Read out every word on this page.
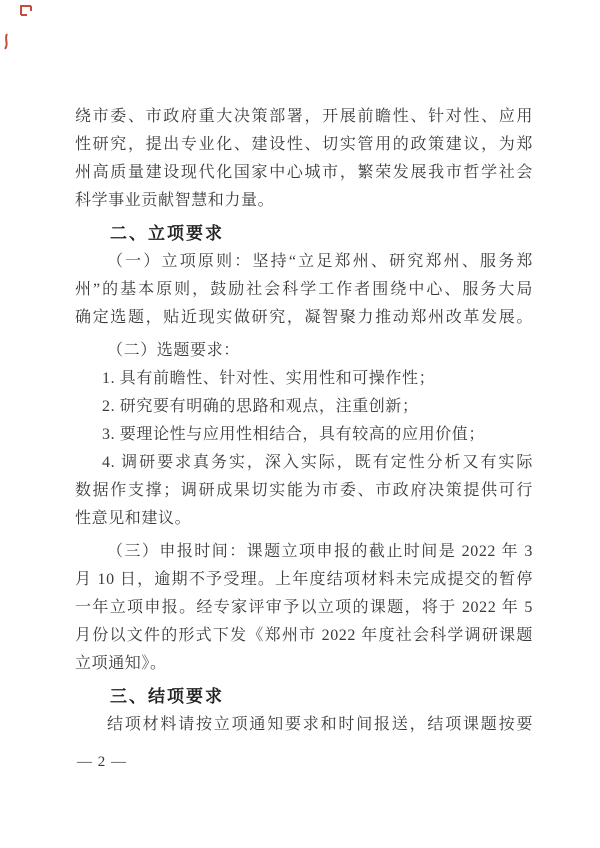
绕市委、市政府重大决策部署，开展前瞻性、针对性、应用
性研究，提出专业化、建设性、切实管用的政策建议，为郑
州高质量建设现代化国家中心城市，繁荣发展我市哲学社会
科学事业贡献智慧和力量。
二、立项要求
（一）立项原则：坚持“立足郑州、研究郑州、服务郑
州”的基本原则，鼓励社会科学工作者围绕中心、服务大局
确定选题，贴近现实做研究，凝智聚力推动郑州改革发展。
（二）选题要求：
1. 具有前瞻性、针对性、实用性和可操作性；
2. 研究要有明确的思路和观点，注重创新；
3. 要理论性与应用性相结合，具有较高的应用价值；
4. 调研要求真务实，深入实际，既有定性分析又有实际
数据作支撑；调研成果切实能为市委、市政府决策提供可行
性意见和建议。
（三）申报时间：课题立项申报的截止时间是 2022 年 3
月 10 日，逾期不予受理。上年度结项材料未完成提交的暂停
一年立项申报。经专家评审予以立项的课题，将于 2022 年 5
月份以文件的形式下发《郑州市 2022 年度社会科学调研课题
立项通知》。
三、结项要求
结项材料请按立项通知要求和时间报送，结项课题按要
— 2 —
